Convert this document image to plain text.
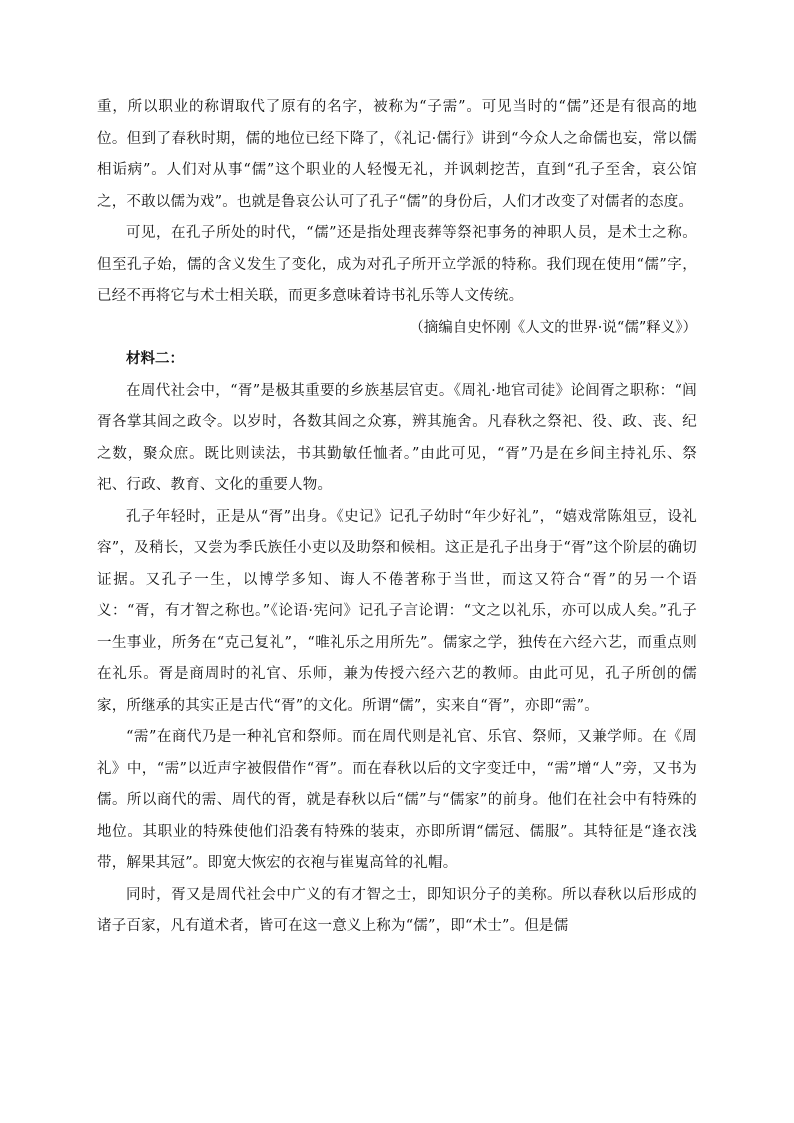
重，所以职业的称谓取代了原有的名字，被称为“子需”。可见当时的“儒”还是有很高的地位。但到了春秋时期，儒的地位已经下降了，《礼记·儒行》讲到“今众人之命儒也妄，常以儒相诟病”。人们对从事“儒”这个职业的人轻慢无礼，并讽刺挖苦，直到“孔子至舍，哀公馆之，不敢以儒为戏”。也就是鲁哀公认可了孔子“儒”的身份后，人们才改变了对儒者的态度。

可见，在孔子所处的时代，“儒”还是指处理丧葬等祭祀事务的神职人员，是术士之称。但至孔子始，儒的含义发生了变化，成为对孔子所开立学派的特称。我们现在使用“儒”字，已经不再将它与术士相关联，而更多意味着诗书礼乐等人文传统。

（摘编自史怀刚《人文的世界·说“儒”释义》）

材料二：

在周代社会中，“胥”是极其重要的乡族基层官吏。《周礼·地官司徒》论闾胥之职称：“闾胥各掌其闾之政令。以岁时，各数其闾之众寡，辨其施舍。凡春秋之祭祀、役、政、丧、纪之数，聚众庶。既比则读法，书其勤敏任恤者。”由此可见，“胥”乃是在乡间主持礼乐、祭祀、行政、教育、文化的重要人物。

孔子年轻时，正是从“胥”出身。《史记》记孔子幼时“年少好礼”，“嬉戏常陈俎豆，设礼容”，及稍长，又尝为季氏族任小吏以及助祭和候相。这正是孔子出身于“胥”这个阶层的确切证据。又孔子一生，以博学多知、诲人不倦著称于当世，而这又符合“胥”的另一个语义：“胥，有才智之称也。”《论语·宪问》记孔子言论谓：“文之以礼乐，亦可以成人矣。”孔子一生事业，所务在“克己复礼”，“唯礼乐之用所先”。儒家之学，独传在六经六艺，而重点则在礼乐。胥是商周时的礼官、乐师，兼为传授六经六艺的教师。由此可见，孔子所创的儒家，所继承的其实正是古代“胥”的文化。所谓“儒”，实来自“胥”，亦即“需”。

“需”在商代乃是一种礼官和祭师。而在周代则是礼官、乐官、祭师，又兼学师。在《周礼》中，“需”以近声字被假借作“胥”。而在春秋以后的文字变迁中，“需”增“人”旁，又书为儒。所以商代的需、周代的胥，就是春秋以后“儒”与“儒家”的前身。他们在社会中有特殊的地位。其职业的特殊使他们沿袭有特殊的装束，亦即所谓“儒冠、儒服”。其特征是“逢衣浅带，解果其冠”。即宽大恢宏的衣袍与崔嵬高耸的礼帽。

同时，胥又是周代社会中广义的有才智之士，即知识分子的美称。所以春秋以后形成的诸子百家，凡有道术者，皆可在这一意义上称为“儒”，即“术士”。但是儒
